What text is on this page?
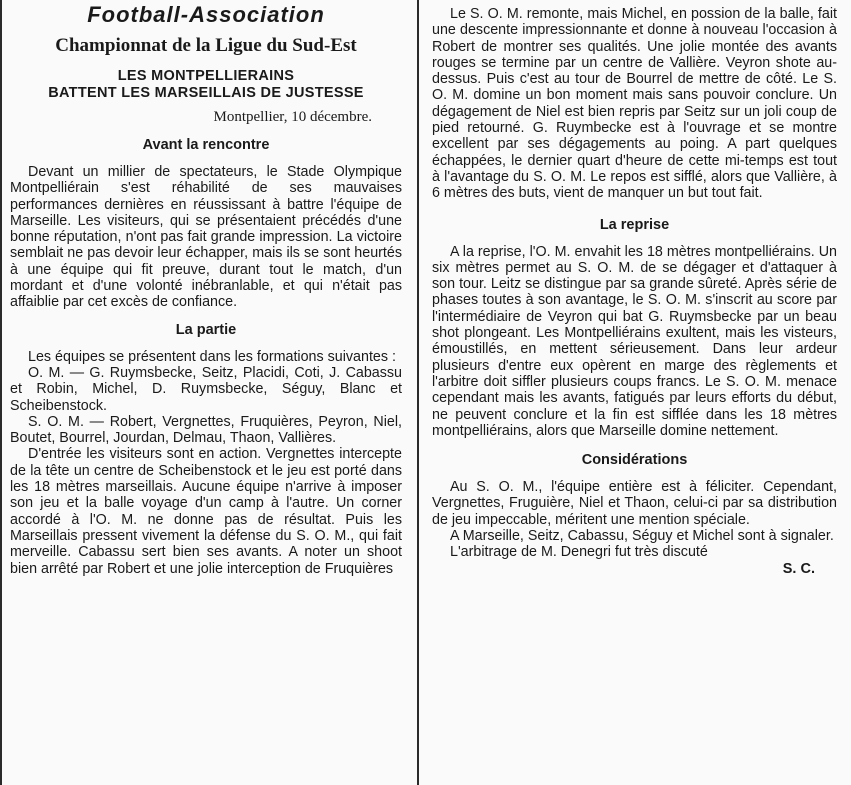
Football-Association
Championnat de la Ligue du Sud-Est
LES MONTPELLIERAINS
BATTENT LES MARSEILLAIS DE JUSTESSE
Montpellier, 10 décembre.
Avant la rencontre

Devant un millier de spectateurs, le Stade Olympique Montpelliérain s'est réhabilité de ses mauvaises performances dernières en réussissant à battre l'équipe de Marseille. Les visiteurs, qui se présentaient précédés d'une bonne réputation, n'ont pas fait grande impression. La victoire semblait ne pas devoir leur échapper, mais ils se sont heurtés à une équipe qui fit preuve, durant tout le match, d'un mordant et d'une volonté inébranlable, et qui n'était pas affaiblie par cet excès de confiance.

La partie

Les équipes se présentent dans les formations suivantes :

O. M. — G. Ruymsbecke, Seitz, Placidi, Coti, J. Cabassu et Robin, Michel, D. Ruymsbecke, Séguy, Blanc et Scheibenstock.

S. O. M. — Robert, Vergnettes, Fruquières, Peyron, Niel, Boutet, Bourrel, Jourdan, Delmau, Thaon, Vallières.

D'entrée les visiteurs sont en action. Vergnettes intercepte de la tête un centre de Scheibenstock et le jeu est porté dans les 18 mètres marseillais. Aucune équipe n'arrive à imposer son jeu et la balle voyage d'un camp à l'autre. Un corner accordé à l'O. M. ne donne pas de résultat. Puis les Marseillais pressent vivement la défense du S. O. M., qui fait merveille. Cabassu sert bien ses avants. A noter un shoot bien arrêté par Robert et une jolie interception de Fruquières

Le S. O. M. remonte, mais Michel, en possion de la balle, fait une descente impressionnante et donne à nouveau l'occasion à Robert de montrer ses qualités. Une jolie montée des avants rouges se termine par un centre de Vallière. Veyron shote au-dessus. Puis c'est au tour de Bourrel de mettre de côté. Le S. O. M. domine un bon moment mais sans pouvoir conclure. Un dégagement de Niel est bien repris par Seitz sur un joli coup de pied retourné. G. Ruymbecke est à l'ouvrage et se montre excellent par ses dégagements au poing. A part quelques échappées, le dernier quart d'heure de cette mi-temps est tout à l'avantage du S. O. M. Le repos est sifflé, alors que Vallière, à 6 mètres des buts, vient de manquer un but tout fait.

La reprise

A la reprise, l'O. M. envahit les 18 mètres montpelliérains. Un six mètres permet au S. O. M. de se dégager et d'attaquer à son tour. Leitz se distingue par sa grande sûreté. Après série de phases toutes à son avantage, le S. O. M. s'inscrit au score par l'intermédiaire de Veyron qui bat G. Ruymsbecke par un beau shot plongeant. Les Montpelliérains exultent, mais les visteurs, émoustillés, en mettent sérieusement. Dans leur ardeur plusieurs d'entre eux opèrent en marge des règlements et l'arbitre doit siffler plusieurs coups francs. Le S. O. M. menace cependant mais les avants, fatigués par leurs efforts du début, ne peuvent conclure et la fin est sifflée dans les 18 mètres montpelliérains, alors que Marseille domine nettement.

Considérations

Au S. O. M., l'équipe entière est à féliciter. Cependant, Vergnettes, Fruguière, Niel et Thaon, celui-ci par sa distribution de jeu impeccable, méritent une mention spéciale.

A Marseille, Seitz, Cabassu, Séguy et Michel sont à signaler.

L'arbitrage de M. Denegri fut très discuté

S. C.
